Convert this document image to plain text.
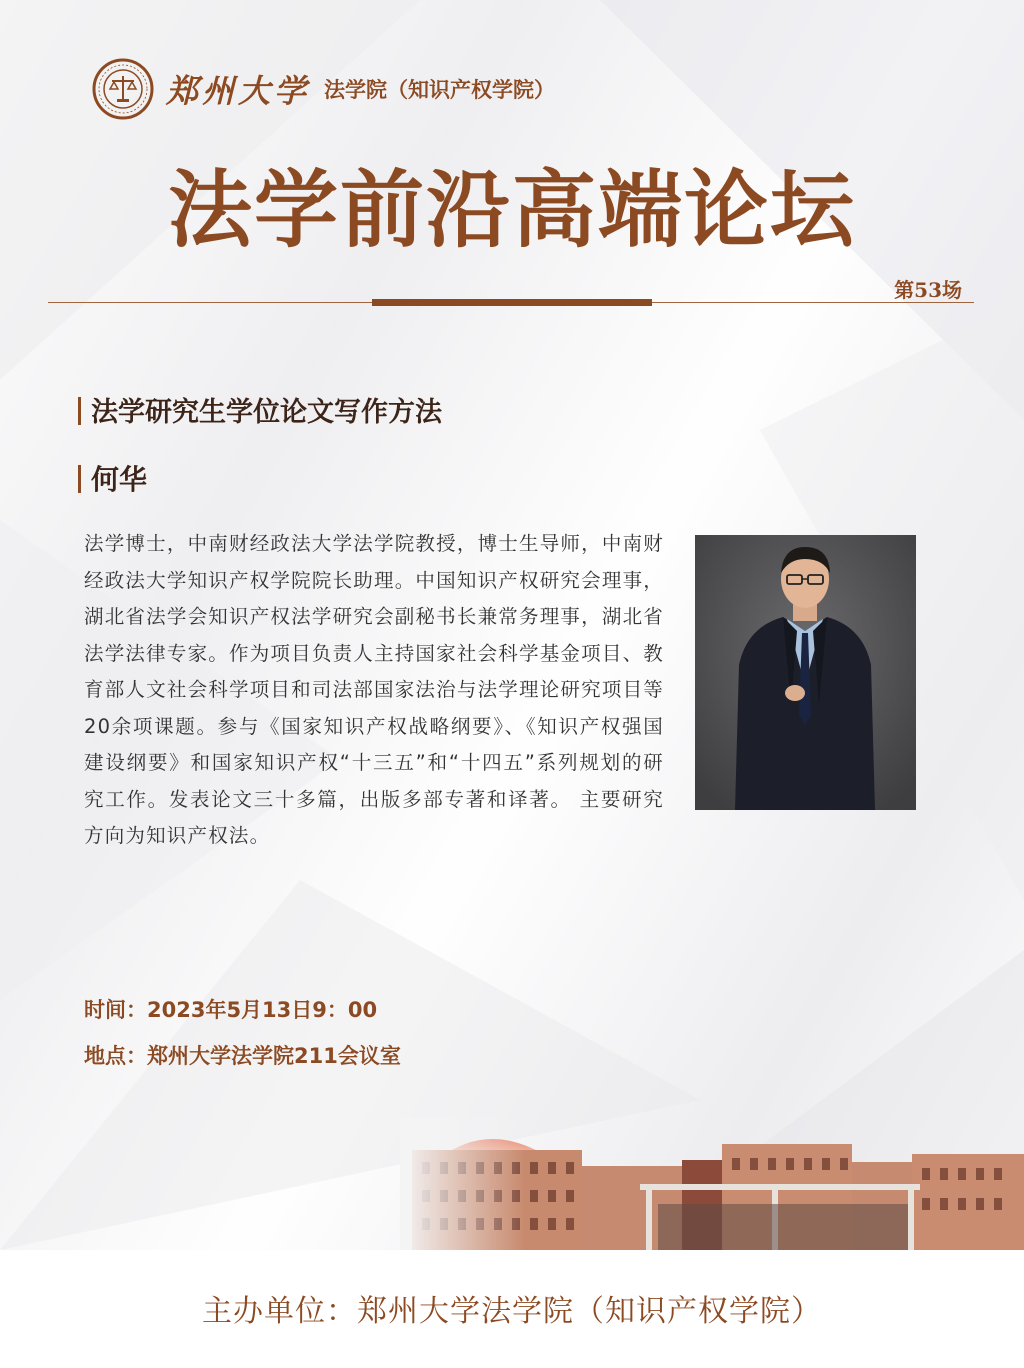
郑州大学 法学院（知识产权学院）
法学前沿高端论坛
第53场
法学研究生学位论文写作方法
何华
法学博士，中南财经政法大学法学院教授，博士生导师，中南财经政法大学知识产权学院院长助理。中国知识产权研究会理事，湖北省法学会知识产权法学研究会副秘书长兼常务理事，湖北省法学法律专家。作为项目负责人主持国家社会科学基金项目、教育部人文社会科学项目和司法部国家法治与法学理论研究项目等20余项课题。参与《国家知识产权战略纲要》、《知识产权强国建设纲要》和国家知识产权“十三五”和“十四五”系列规划的研究工作。发表论文三十多篇，出版多部专著和译著。 主要研究方向为知识产权法。
时间：2023年5月13日9：00
地点：郑州大学法学院211会议室
主办单位：郑州大学法学院（知识产权学院）
